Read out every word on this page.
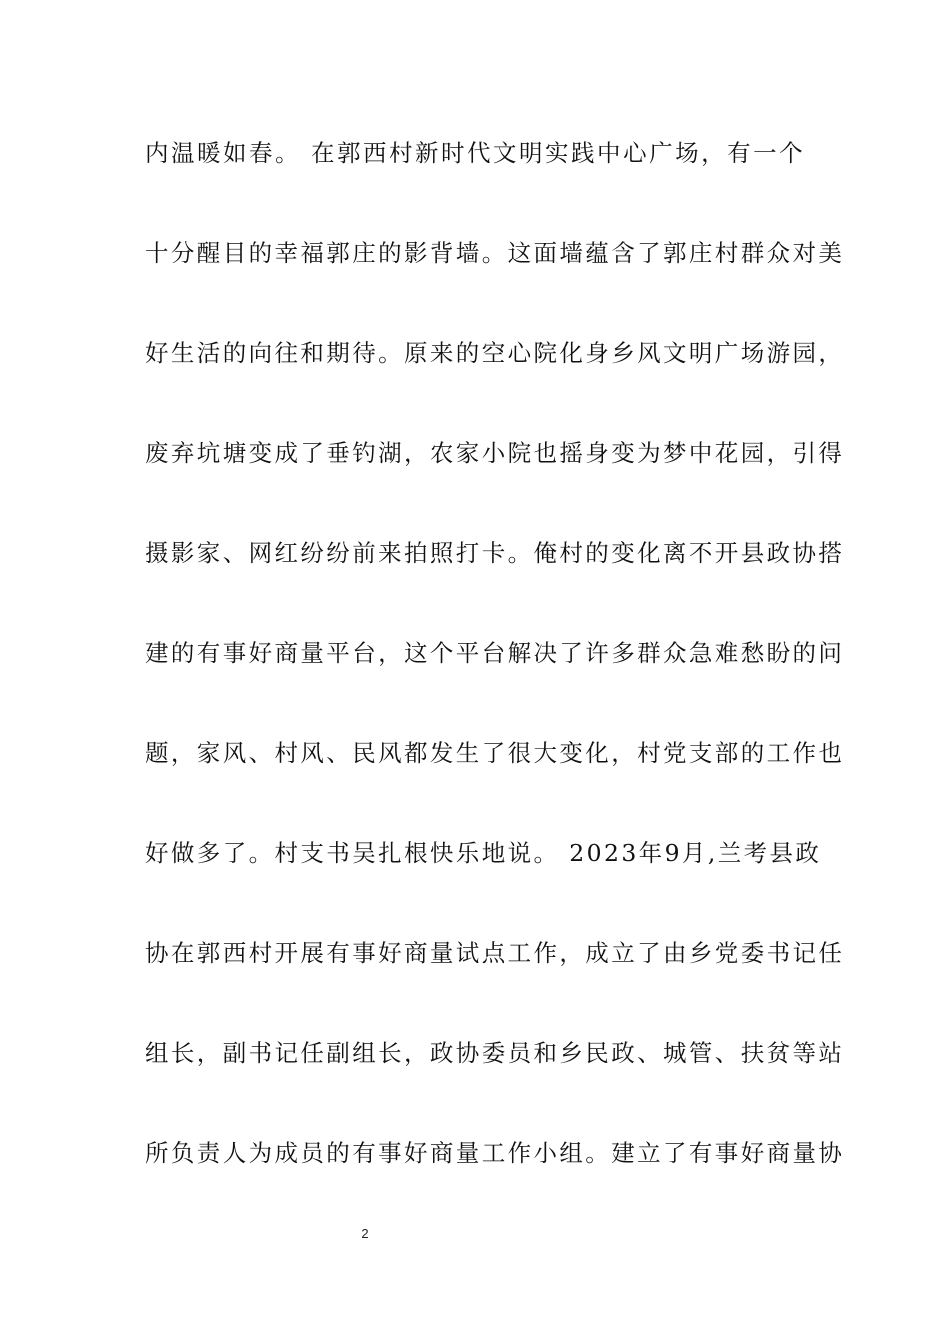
内温暖如春。 在郭西村新时代文明实践中心广场，有一个
十分醒目的幸福郭庄的影背墙。这面墙蕴含了郭庄村群众对美
好生活的向往和期待。原来的空心院化身乡风文明广场游园，
废弃坑塘变成了垂钓湖，农家小院也摇身变为梦中花园，引得
摄影家、网红纷纷前来拍照打卡。俺村的变化离不开县政协搭
建的有事好商量平台，这个平台解决了许多群众急难愁盼的问
题，家风、村风、民风都发生了很大变化，村党支部的工作也
好做多了。村支书吴扎根快乐地说。 2023年9月,兰考县政
协在郭西村开展有事好商量试点工作，成立了由乡党委书记任
组长，副书记任副组长，政协委员和乡民政、城管、扶贫等站
所负责人为成员的有事好商量工作小组。建立了有事好商量协
2
